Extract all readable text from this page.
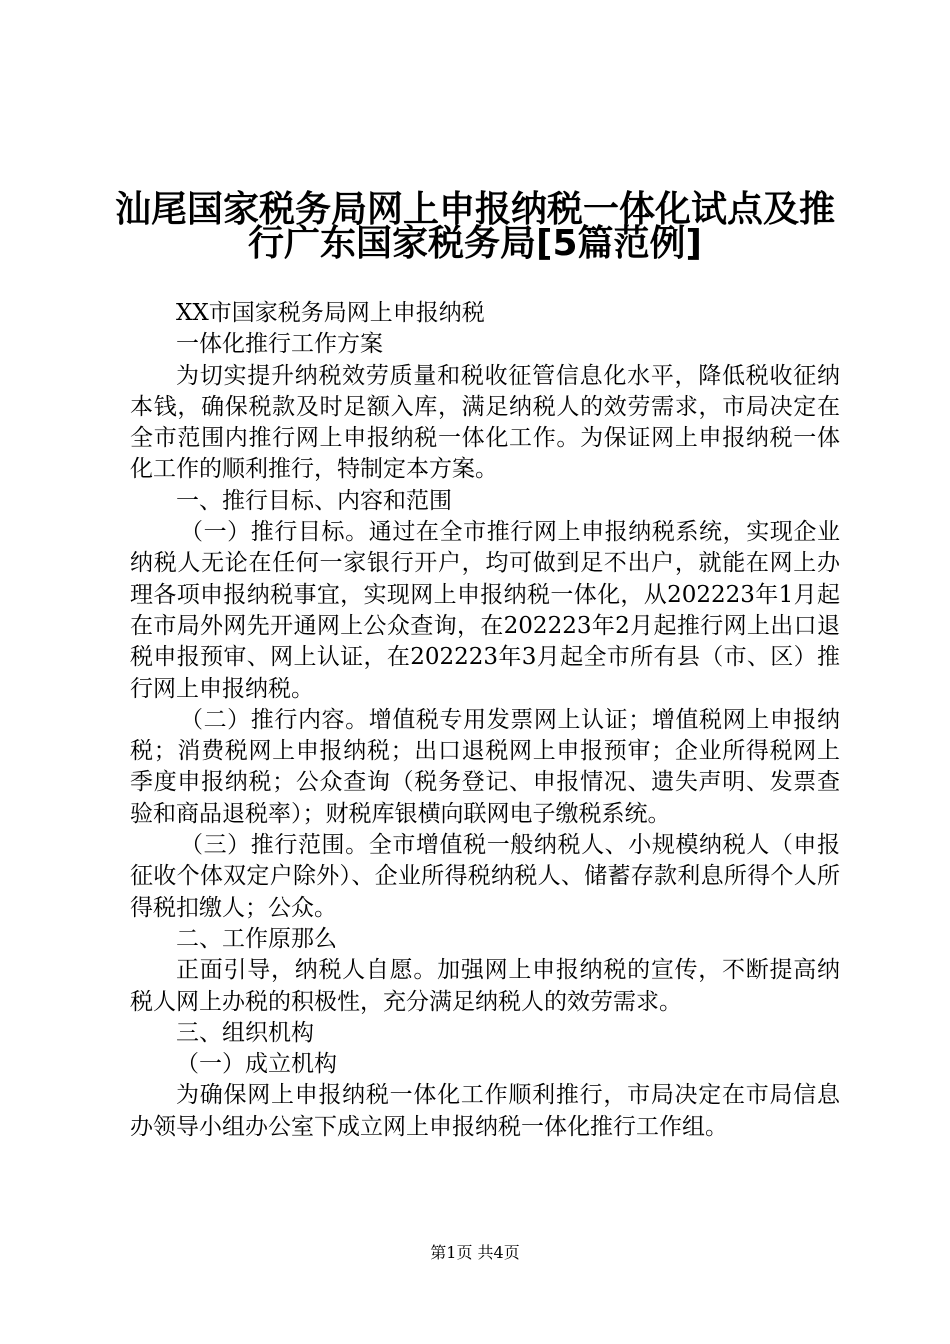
汕尾国家税务局网上申报纳税一体化试点及推
行广东国家税务局[5篇范例]

XX市国家税务局网上申报纳税

一体化推行工作方案

为切实提升纳税效劳质量和税收征管信息化水平，降低税收征纳本钱，确保税款及时足额入库，满足纳税人的效劳需求，市局决定在全市范围内推行网上申报纳税一体化工作。为保证网上申报纳税一体化工作的顺利推行，特制定本方案。

一、推行目标、内容和范围

（一）推行目标。通过在全市推行网上申报纳税系统，实现企业纳税人无论在任何一家银行开户，均可做到足不出户，就能在网上办理各项申报纳税事宜，实现网上申报纳税一体化，从202223年1月起在市局外网先开通网上公众查询，在202223年2月起推行网上出口退税申报预审、网上认证，在202223年3月起全市所有县（市、区）推行网上申报纳税。

（二）推行内容。增值税专用发票网上认证；增值税网上申报纳税；消费税网上申报纳税；出口退税网上申报预审；企业所得税网上季度申报纳税；公众查询（税务登记、申报情况、遗失声明、发票查验和商品退税率）；财税库银横向联网电子缴税系统。

（三）推行范围。全市增值税一般纳税人、小规模纳税人（申报征收个体双定户除外）、企业所得税纳税人、储蓄存款利息所得个人所得税扣缴人；公众。

二、工作原那么

正面引导，纳税人自愿。加强网上申报纳税的宣传，不断提高纳税人网上办税的积极性，充分满足纳税人的效劳需求。

三、组织机构

（一）成立机构

为确保网上申报纳税一体化工作顺利推行，市局决定在市局信息办领导小组办公室下成立网上申报纳税一体化推行工作组。

第1页 共4页
